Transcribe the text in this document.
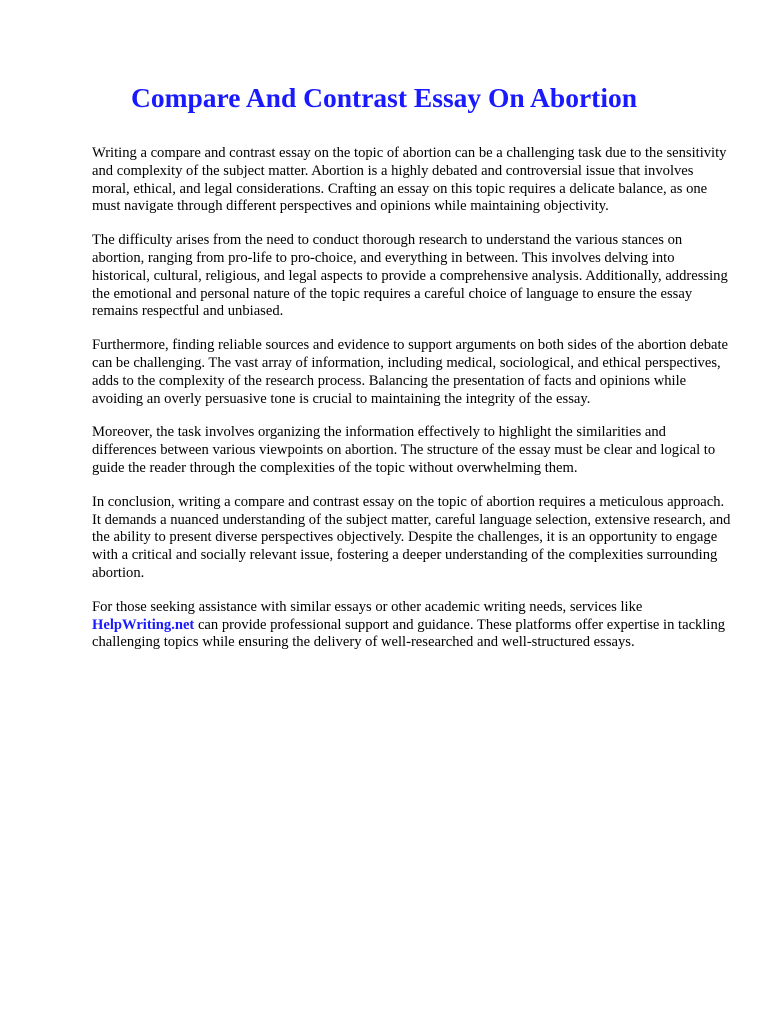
Compare And Contrast Essay On Abortion

Writing a compare and contrast essay on the topic of abortion can be a challenging task due to the sensitivity and complexity of the subject matter. Abortion is a highly debated and controversial issue that involves moral, ethical, and legal considerations. Crafting an essay on this topic requires a delicate balance, as one must navigate through different perspectives and opinions while maintaining objectivity.

The difficulty arises from the need to conduct thorough research to understand the various stances on abortion, ranging from pro-life to pro-choice, and everything in between. This involves delving into historical, cultural, religious, and legal aspects to provide a comprehensive analysis. Additionally, addressing the emotional and personal nature of the topic requires a careful choice of language to ensure the essay remains respectful and unbiased.

Furthermore, finding reliable sources and evidence to support arguments on both sides of the abortion debate can be challenging. The vast array of information, including medical, sociological, and ethical perspectives, adds to the complexity of the research process. Balancing the presentation of facts and opinions while avoiding an overly persuasive tone is crucial to maintaining the integrity of the essay.

Moreover, the task involves organizing the information effectively to highlight the similarities and differences between various viewpoints on abortion. The structure of the essay must be clear and logical to guide the reader through the complexities of the topic without overwhelming them.

In conclusion, writing a compare and contrast essay on the topic of abortion requires a meticulous approach. It demands a nuanced understanding of the subject matter, careful language selection, extensive research, and the ability to present diverse perspectives objectively. Despite the challenges, it is an opportunity to engage with a critical and socially relevant issue, fostering a deeper understanding of the complexities surrounding abortion.

For those seeking assistance with similar essays or other academic writing needs, services like HelpWriting.net can provide professional support and guidance. These platforms offer expertise in tackling challenging topics while ensuring the delivery of well-researched and well-structured essays.
